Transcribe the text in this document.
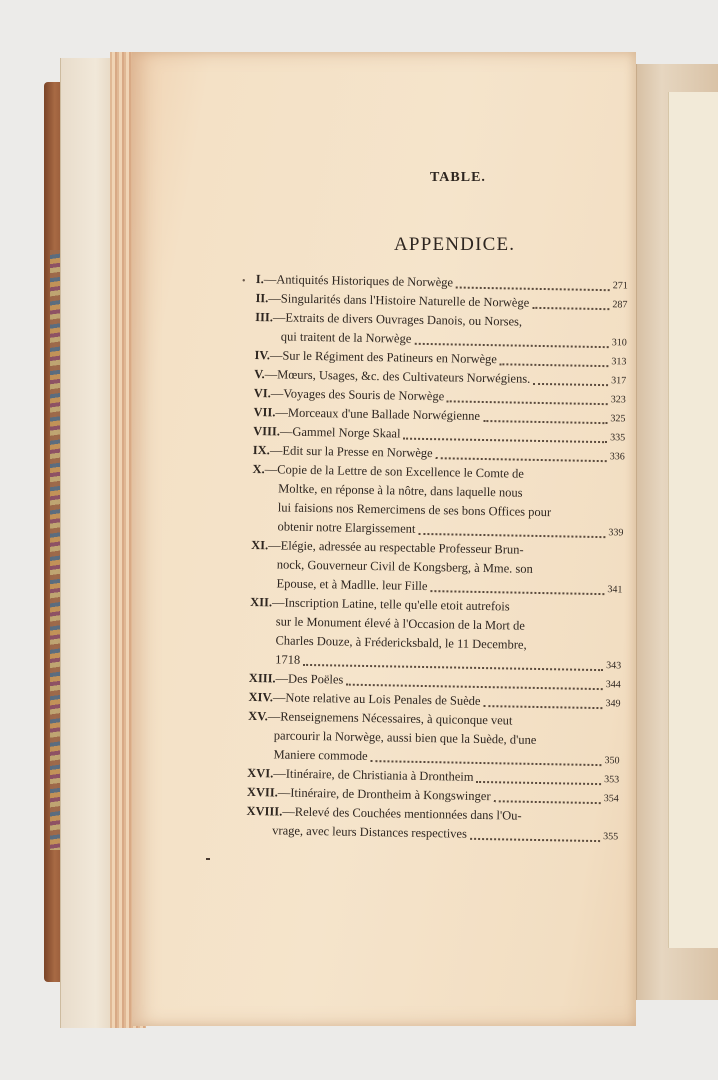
TABLE.
APPENDICE.
• I. —Antiquités Historiques de Norwège	271
II. —Singularités dans l'Histoire Naturelle de Norwège	287
III. —Extraits de divers Ouvrages Danois, ou Norses,
qui traitent de la Norwège	310
IV. —Sur le Régiment des Patineurs en Norwège	313
V. —Mœurs, Usages, &c. des Cultivateurs Norwégiens.	317
VI. —Voyages des Souris de Norwège	323
VII. —Morceaux d'une Ballade Norwégienne	325
VIII. —Gammel Norge Skaal	335
IX. —Edit sur la Presse en Norwège	336
X. —Copie de la Lettre de son Excellence le Comte de
Moltke, en réponse à la nôtre, dans laquelle nous
lui faisions nos Remercimens de ses bons Offices pour
obtenir notre Elargissement	339
XI. —Elégie, adressée au respectable Professeur Brun-
nock, Gouverneur Civil de Kongsberg, à Mme. son
Epouse, et à Madlle. leur Fille	341
XII. —Inscription Latine, telle qu'elle etoit autrefois
sur le Monument élevé à l'Occasion de la Mort de
Charles Douze, à Frédericksbald, le 11 Decembre,
1718	343
XIII. —Des Poëles	344
XIV. —Note relative au Lois Penales de Suède	349
XV. —Renseignemens Nécessaires, à quiconque veut
parcourir la Norwège, aussi bien que la Suède, d'une
Maniere commode	350
XVI. —Itinéraire, de Christiania à Drontheim	353
XVII. —Itinéraire, de Drontheim à Kongswinger	354
XVIII. —Relevé des Couchées mentionnées dans l'Ou-
vrage, avec leurs Distances respectives	355
